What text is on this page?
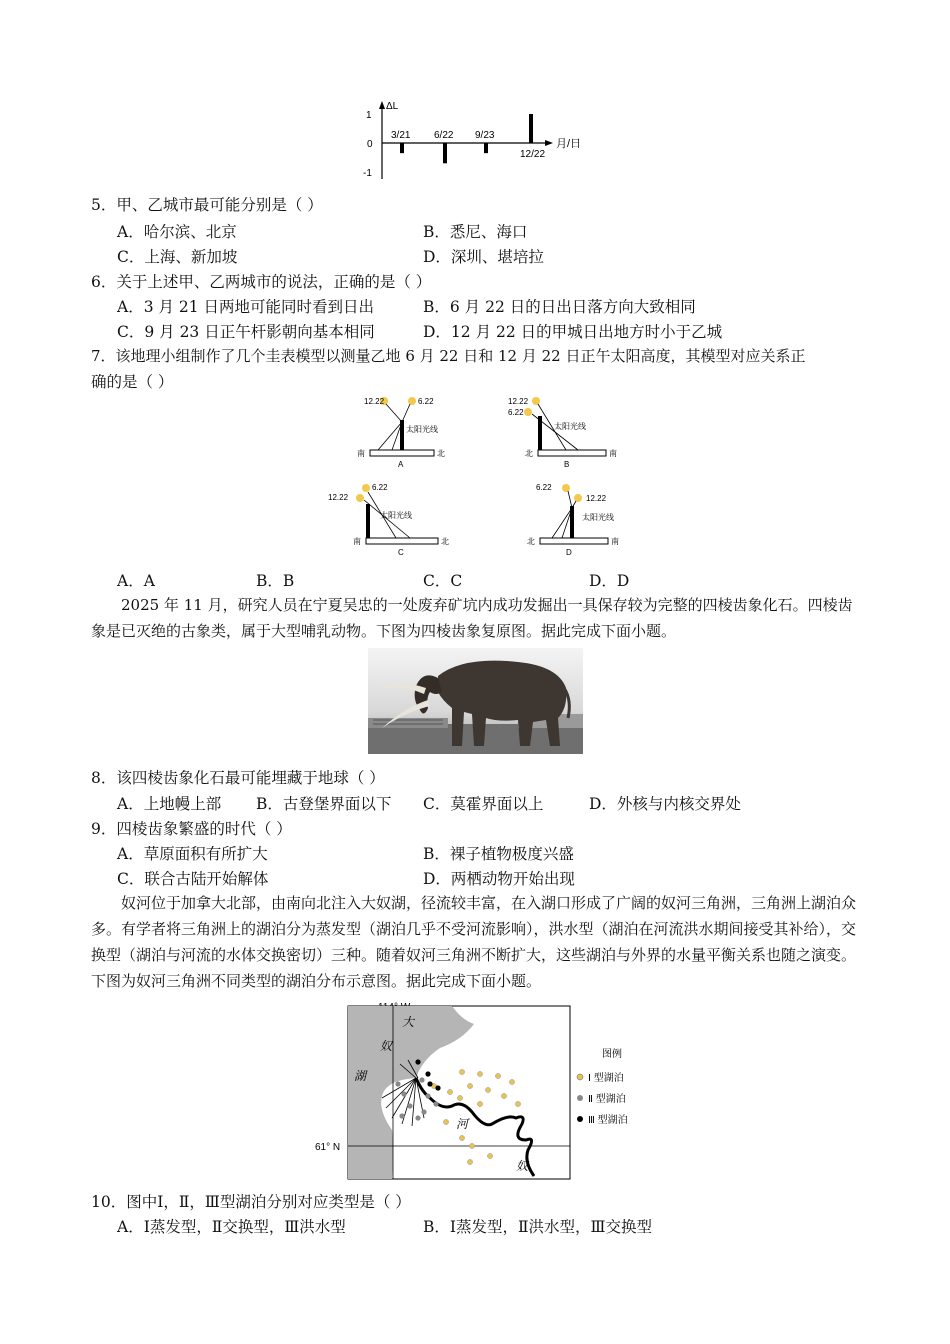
ΔL
月/日
1
0
-1
3/21 6/22 9/23
12/22
5．甲、乙城市最可能分别是（ ）
A．哈尔滨、北京	B．悉尼、海口
C．上海、新加坡	D．深圳、堪培拉
6．关于上述甲、乙两城市的说法，正确的是（ ）
A．3 月 21 日两地可能同时看到日出	B．6 月 22 日的日出日落方向大致相同
C．9 月 23 日正午杆影朝向基本相同	D．12 月 22 日的甲城日出地方时小于乙城
7．该地理小组制作了几个圭表模型以测量乙地 6 月 22 日和 12 月 22 日正午太阳高度，其模型对应关系正
确的是（ ）
12.22	6.22
太阳光线
南	北
A
12.22
6.22
太阳光线
北	南
B
6.22
12.22
太阳光线
南	北
C
6.22
12.22
太阳光线
北	南
D
A．A	B．B	C．C	D．D
2025 年 11 月，研究人员在宁夏吴忠的一处废弃矿坑内成功发掘出一具保存较为完整的四棱齿象化石。四棱齿象是已灭绝的古象类，属于大型哺乳动物。下图为四棱齿象复原图。据此完成下面小题。
8．该四棱齿象化石最可能埋藏于地球（ ）
A．上地幔上部 B．古登堡界面以下 C．莫霍界面以上	D．外核与内核交界处
9．四棱齿象繁盛的时代（ ）
A．草原面积有所扩大	B．裸子植物极度兴盛
C．联合古陆开始解体	D．两栖动物开始出现
奴河位于加拿大北部，由南向北注入大奴湖，径流较丰富，在入湖口形成了广阔的奴河三角洲，三角洲上湖泊众多。有学者将三角洲上的湖泊分为蒸发型（湖泊几乎不受河流影响），洪水型（湖泊在河流洪水期间接受其补给），交换型（湖泊与河流的水体交换密切）三种。随着奴河三角洲不断扩大，这些湖泊与外界的水量平衡关系也随之演变。下图为奴河三角洲不同类型的湖泊分布示意图。据此完成下面小题。
61° N
大
奴
湖
河
奴
图例
Ⅰ 型湖泊
Ⅱ 型湖泊
Ⅲ 型湖泊
10．图中Ⅰ，Ⅱ，Ⅲ型湖泊分别对应类型是（ ）
A．Ⅰ蒸发型，Ⅱ交换型，Ⅲ洪水型	B．Ⅰ蒸发型，Ⅱ洪水型，Ⅲ交换型
